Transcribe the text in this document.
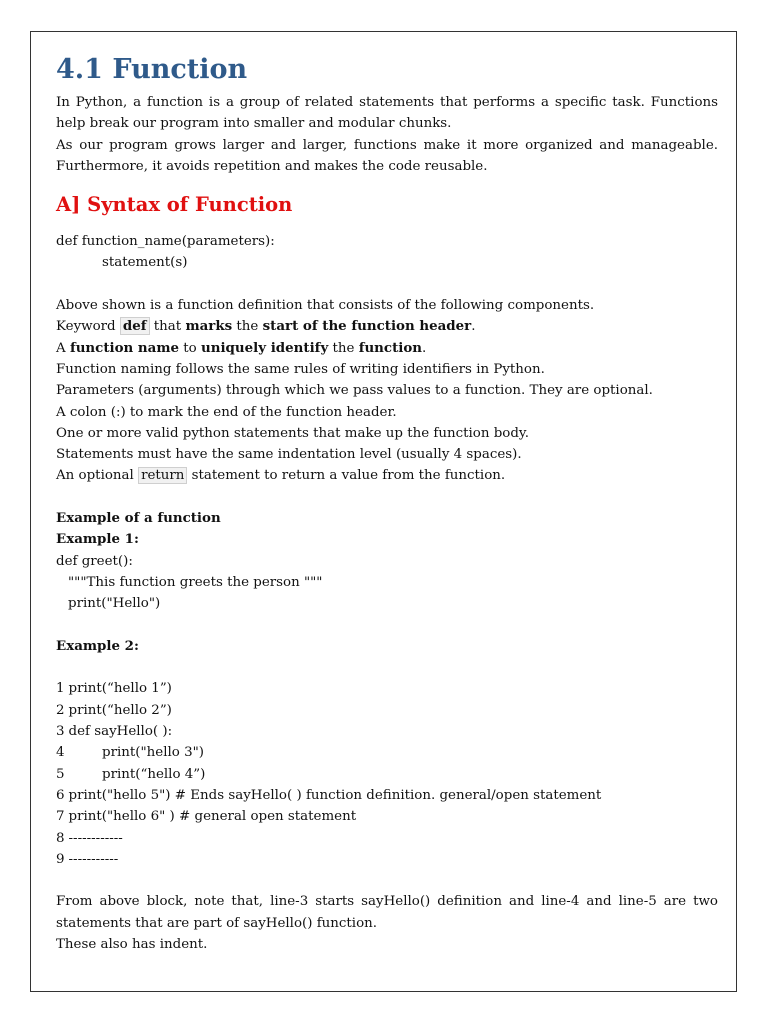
4.1 Function

In Python, a function is a group of related statements that performs a specific task. Functions help break our program into smaller and modular chunks.

As our program grows larger and larger, functions make it more organized and manageable. Furthermore, it avoids repetition and makes the code reusable.

A] Syntax of Function

def function_name(parameters):

statement(s)

Above shown is a function definition that consists of the following components.

Keyword def that marks the start of the function header.

A function name to uniquely identify the function.

Function naming follows the same rules of writing identifiers in Python.

Parameters (arguments) through which we pass values to a function. They are optional.

A colon (:) to mark the end of the function header.

One or more valid python statements that make up the function body.

Statements must have the same indentation level (usually 4 spaces).

An optional return statement to return a value from the function.

Example of a function

Example 1:

def greet():

"""This function greets the person """

print("Hello")

Example 2:

1 print(“hello 1”)

2 print(“hello 2”)

3 def sayHello( ):

4	print("hello 3")

5	print(“hello 4”)

6 print("hello 5") # Ends sayHello( ) function definition. general/open statement

7 print("hello 6" ) # general open statement

8 ------------

9 -----------

From above block, note that, line-3 starts sayHello() definition and line-4 and line-5 are two statements that are part of sayHello() function.

These also has indent.
